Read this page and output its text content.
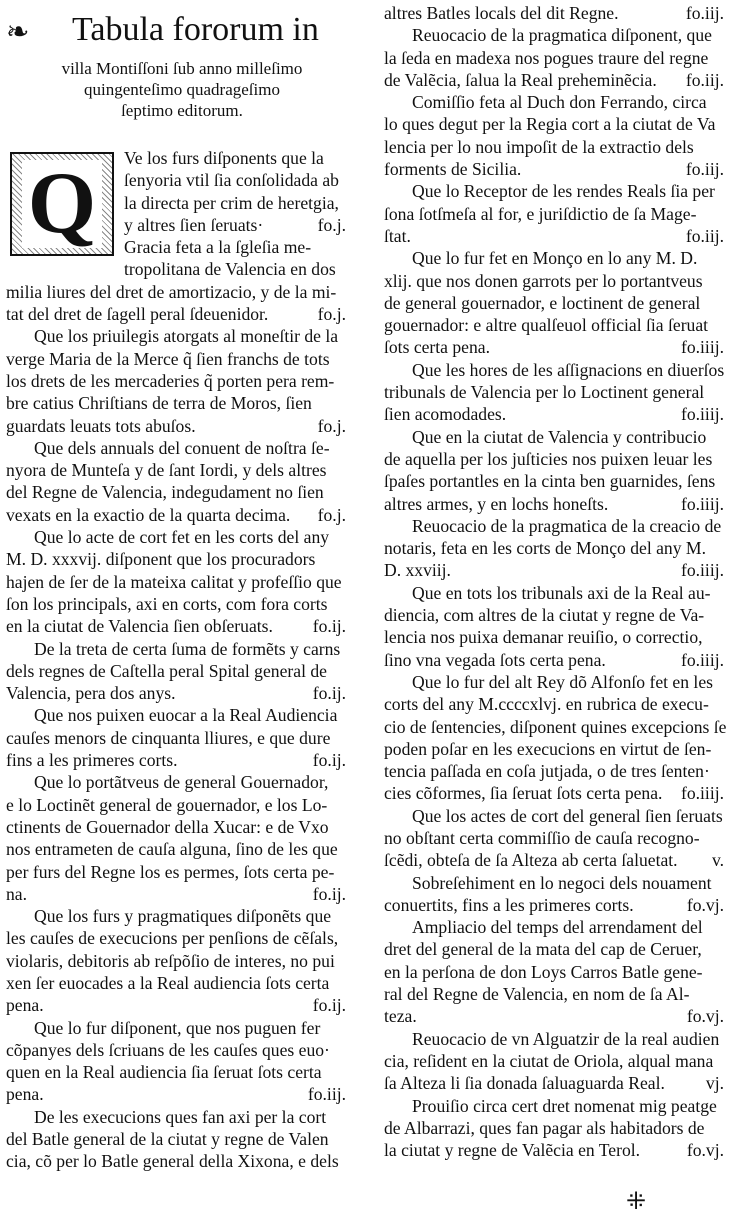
❧ Tabula fororum in
villa Montiſſoni ſub anno milleſimo
quingenteſimo quadrageſimo
ſeptimo editorum.
Ve los furs diſponents que la
ſenyoria vtil ſia conſolidada ab
la directa per crim de heretgia,
y altres ſien ſeruats·	fo.j.
Gracia feta a la ſgleſia me-
tropolitana de Valencia en dos
milia liures del dret de amortizacio, y de la mi-
tat del dret de ſagell peral ſdeuenidor.	fo.j.
Que los priuilegis atorgats al moneſtir de la
verge Maria de la Merce q̃ ſien franchs de tots
los drets de les mercaderies q̃ porten pera rem-
bre catius Chriſtians de terra de Moros, ſien
guardats leuats tots abuſos.	fo.j.
Que dels annuals del conuent de noſtra ſe-
nyora de Munteſa y de ſant Iordi, y dels altres
del Regne de Valencia, indegudament no ſien
vexats en la exactio de la quarta decima. fo.j.
Que lo acte de cort fet en les corts del any
M. D. xxxvij. diſponent que los procuradors
hajen de ſer de la mateixa calitat y profeſſio que
ſon los principals, axi en corts, com fora corts
en la ciutat de Valencia ſien obſeruats. fo.ij.
De la treta de certa ſuma de formẽts y carns
dels regnes de Caſtella peral Spital general de
Valencia, pera dos anys.	fo.ij.
Que nos puixen euocar a la Real Audiencia
cauſes menors de cinquanta lliures, e que dure
fins a les primeres corts.	fo.ij.
Que lo portãtveus de general Gouernador,
e lo Loctinẽt general de gouernador, e los Lo-
ctinents de Gouernador della Xucar: e de Vxo
nos entrameten de cauſa alguna, ſino de les que
per furs del Regne los es permes, ſots certa pe-
na.	fo.ij.
Que los furs y pragmatiques diſponẽts que
les cauſes de execucions per penſions de cẽſals,
violaris, debitoris ab reſpõſio de interes, no pui
xen ſer euocades a la Real audiencia ſots certa
pena.	fo.ij.
Que lo fur diſponent, que nos puguen fer
cõpanyes dels ſcriuans de les cauſes ques euo·
quen en la Real audiencia ſia ſeruat ſots certa
pena.	fo.iij.
De les execucions ques fan axi per la cort
del Batle general de la ciutat y regne de Valen
cia, cõ per lo Batle general della Xixona, e dels
Q
altres Batles locals del dit Regne.	fo.iij.
Reuocacio de la pragmatica diſponent, que
la ſeda en madexa nos pogues traure del regne
de Valẽcia, ſalua la Real preheminẽcia. fo.iij.
Comiſſio feta al Duch don Ferrando, circa
lo ques degut per la Regia cort a la ciutat de Va
lencia per lo nou impoſit de la extractio dels
forments de Sicilia.	fo.iij.
Que lo Receptor de les rendes Reals ſia per
ſona ſotſmeſa al for, e juriſdictio de ſa Mage-
ſtat.	fo.iij.
Que lo fur fet en Monço en lo any M. D.
xlij. que nos donen garrots per lo portantveus
de general gouernador, e loctinent de general
gouernador: e altre qualſeuol official ſia ſeruat
ſots certa pena.	fo.iiij.
Que les hores de les aſſignacions en diuerſos
tribunals de Valencia per lo Loctinent general
ſien acomodades.	fo.iiij.
Que en la ciutat de Valencia y contribucio
de aquella per los juſticies nos puixen leuar les
ſpaſes portantles en la cinta ben guarnides, ſens
altres armes, y en lochs honeſts.	fo.iiij.
Reuocacio de la pragmatica de la creacio de
notaris, feta en les corts de Monço del any M.
D. xxviij.	fo.iiij.
Que en tots los tribunals axi de la Real au-
diencia, com altres de la ciutat y regne de Va-
lencia nos puixa demanar reuiſio, o correctio,
ſino vna vegada ſots certa pena.	fo.iiij.
Que lo fur del alt Rey dõ Alfonſo fet en les
corts del any M.ccccxlvj. en rubrica de execu-
cio de ſentencies, diſponent quines excepcions ſe
poden poſar en les execucions en virtut de ſen-
tencia paſſada en coſa jutjada, o de tres ſenten·
cies cõformes, ſia ſeruat ſots certa pena. fo.iiij.
Que los actes de cort del general ſien ſeruats
no obſtant certa commiſſio de cauſa recogno-
ſcẽdi, obteſa de ſa Alteza ab certa ſaluetat. v.
Sobreſehiment en lo negoci dels nouament
conuertits, fins a les primeres corts.	fo.vj.
Ampliacio del temps del arrendament del
dret del general de la mata del cap de Ceruer,
en la perſona de don Loys Carros Batle gene-
ral del Regne de Valencia, en nom de ſa Al-
teza.	fo.vj.
Reuocacio de vn Alguatzir de la real audien
cia, reſident en la ciutat de Oriola, alqual mana
ſa Alteza li ſia donada ſaluaguarda Real. vj.
Prouiſio circa cert dret nomenat mig peatge
de Albarrazi, ques fan pagar als habitadors de
la ciutat y regne de Valẽcia en Terol.	fo.vj.
⁜
